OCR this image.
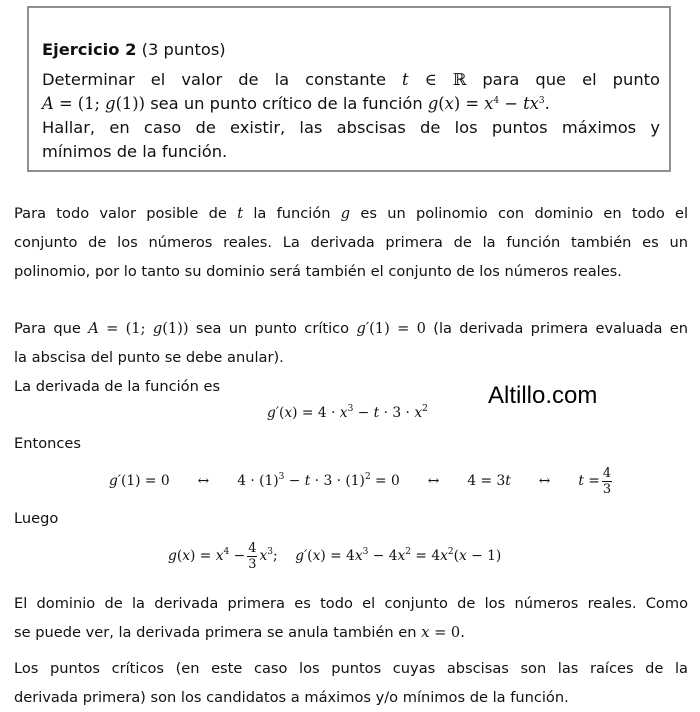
Ejercicio 2 (3 puntos)
Determinar el valor de la constante t ∈ ℝ para que el punto
A = (1; g(1)) sea un punto crítico de la función $g(x) = x^4 - tx^3$.
Hallar, en caso de existir, las abscisas de los puntos máximos y
mínimos de la función.
Para todo valor posible de t la función g es un polinomio con dominio en todo el
conjunto de los números reales. La derivada primera de la función también es un
polinomio, por lo tanto su dominio será también el conjunto de los números reales.
Para que A = (1; g(1)) sea un punto crítico g′(1) = 0 (la derivada primera evaluada en
la abscisa del punto se debe anular).
La derivada de la función es
$g'(x) = 4 \cdot x^3 - t \cdot 3 \cdot x^2$	Altillo.com
Entonces
g′(1) = 0 ↔ $4 \cdot (1)^3 - t \cdot 3 \cdot (1)^2 = 0$ ↔ 4 = 3t ↔ $t = \frac{4}{3}$
Luego
$g(x) = x^4 - \frac{4}{3} x^3$;    $g'(x) = 4x^3 - 4x^2 = 4x^2(x - 1)$
El dominio de la derivada primera es todo el conjunto de los números reales. Como
se puede ver, la derivada primera se anula también en x = 0.
Los puntos críticos (en este caso los puntos cuyas abscisas son las raíces de la
derivada primera) son los candidatos a máximos y/o mínimos de la función.
